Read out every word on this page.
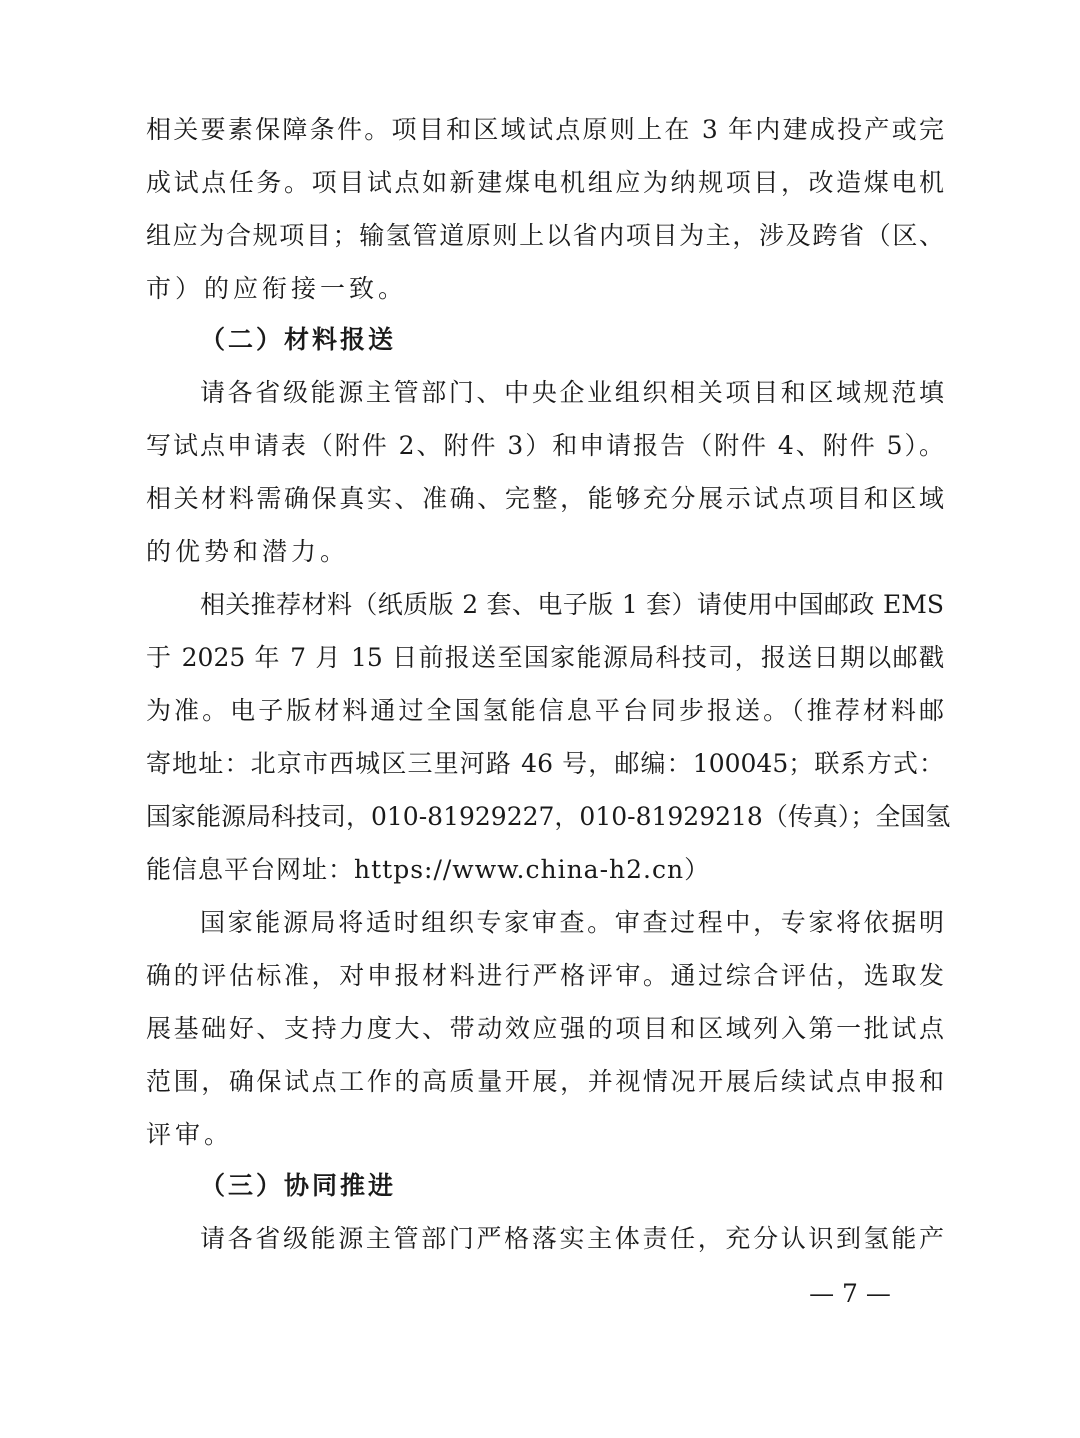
相关要素保障条件。项目和区域试点原则上在 3 年内建成投产或完
成试点任务。项目试点如新建煤电机组应为纳规项目，改造煤电机
组应为合规项目；输氢管道原则上以省内项目为主，涉及跨省（区、
市）的应衔接一致。
（二）材料报送
请各省级能源主管部门、中央企业组织相关项目和区域规范填
写试点申请表（附件 2、附件 3）和申请报告（附件 4、附件 5）。
相关材料需确保真实、准确、完整，能够充分展示试点项目和区域
的优势和潜力。
相关推荐材料（纸质版 2 套、电子版 1 套）请使用中国邮政 EMS
于 2025 年 7 月 15 日前报送至国家能源局科技司，报送日期以邮戳
为准。电子版材料通过全国氢能信息平台同步报送。（推荐材料邮
寄地址：北京市西城区三里河路 46 号，邮编：100045；联系方式：
国家能源局科技司，010-81929227，010-81929218（传真）；全国氢
能信息平台网址：https://www.china-h2.cn）
国家能源局将适时组织专家审查。审查过程中，专家将依据明
确的评估标准，对申报材料进行严格评审。通过综合评估，选取发
展基础好、支持力度大、带动效应强的项目和区域列入第一批试点
范围，确保试点工作的高质量开展，并视情况开展后续试点申报和
评审。
（三）协同推进
请各省级能源主管部门严格落实主体责任，充分认识到氢能产
— 7 —
